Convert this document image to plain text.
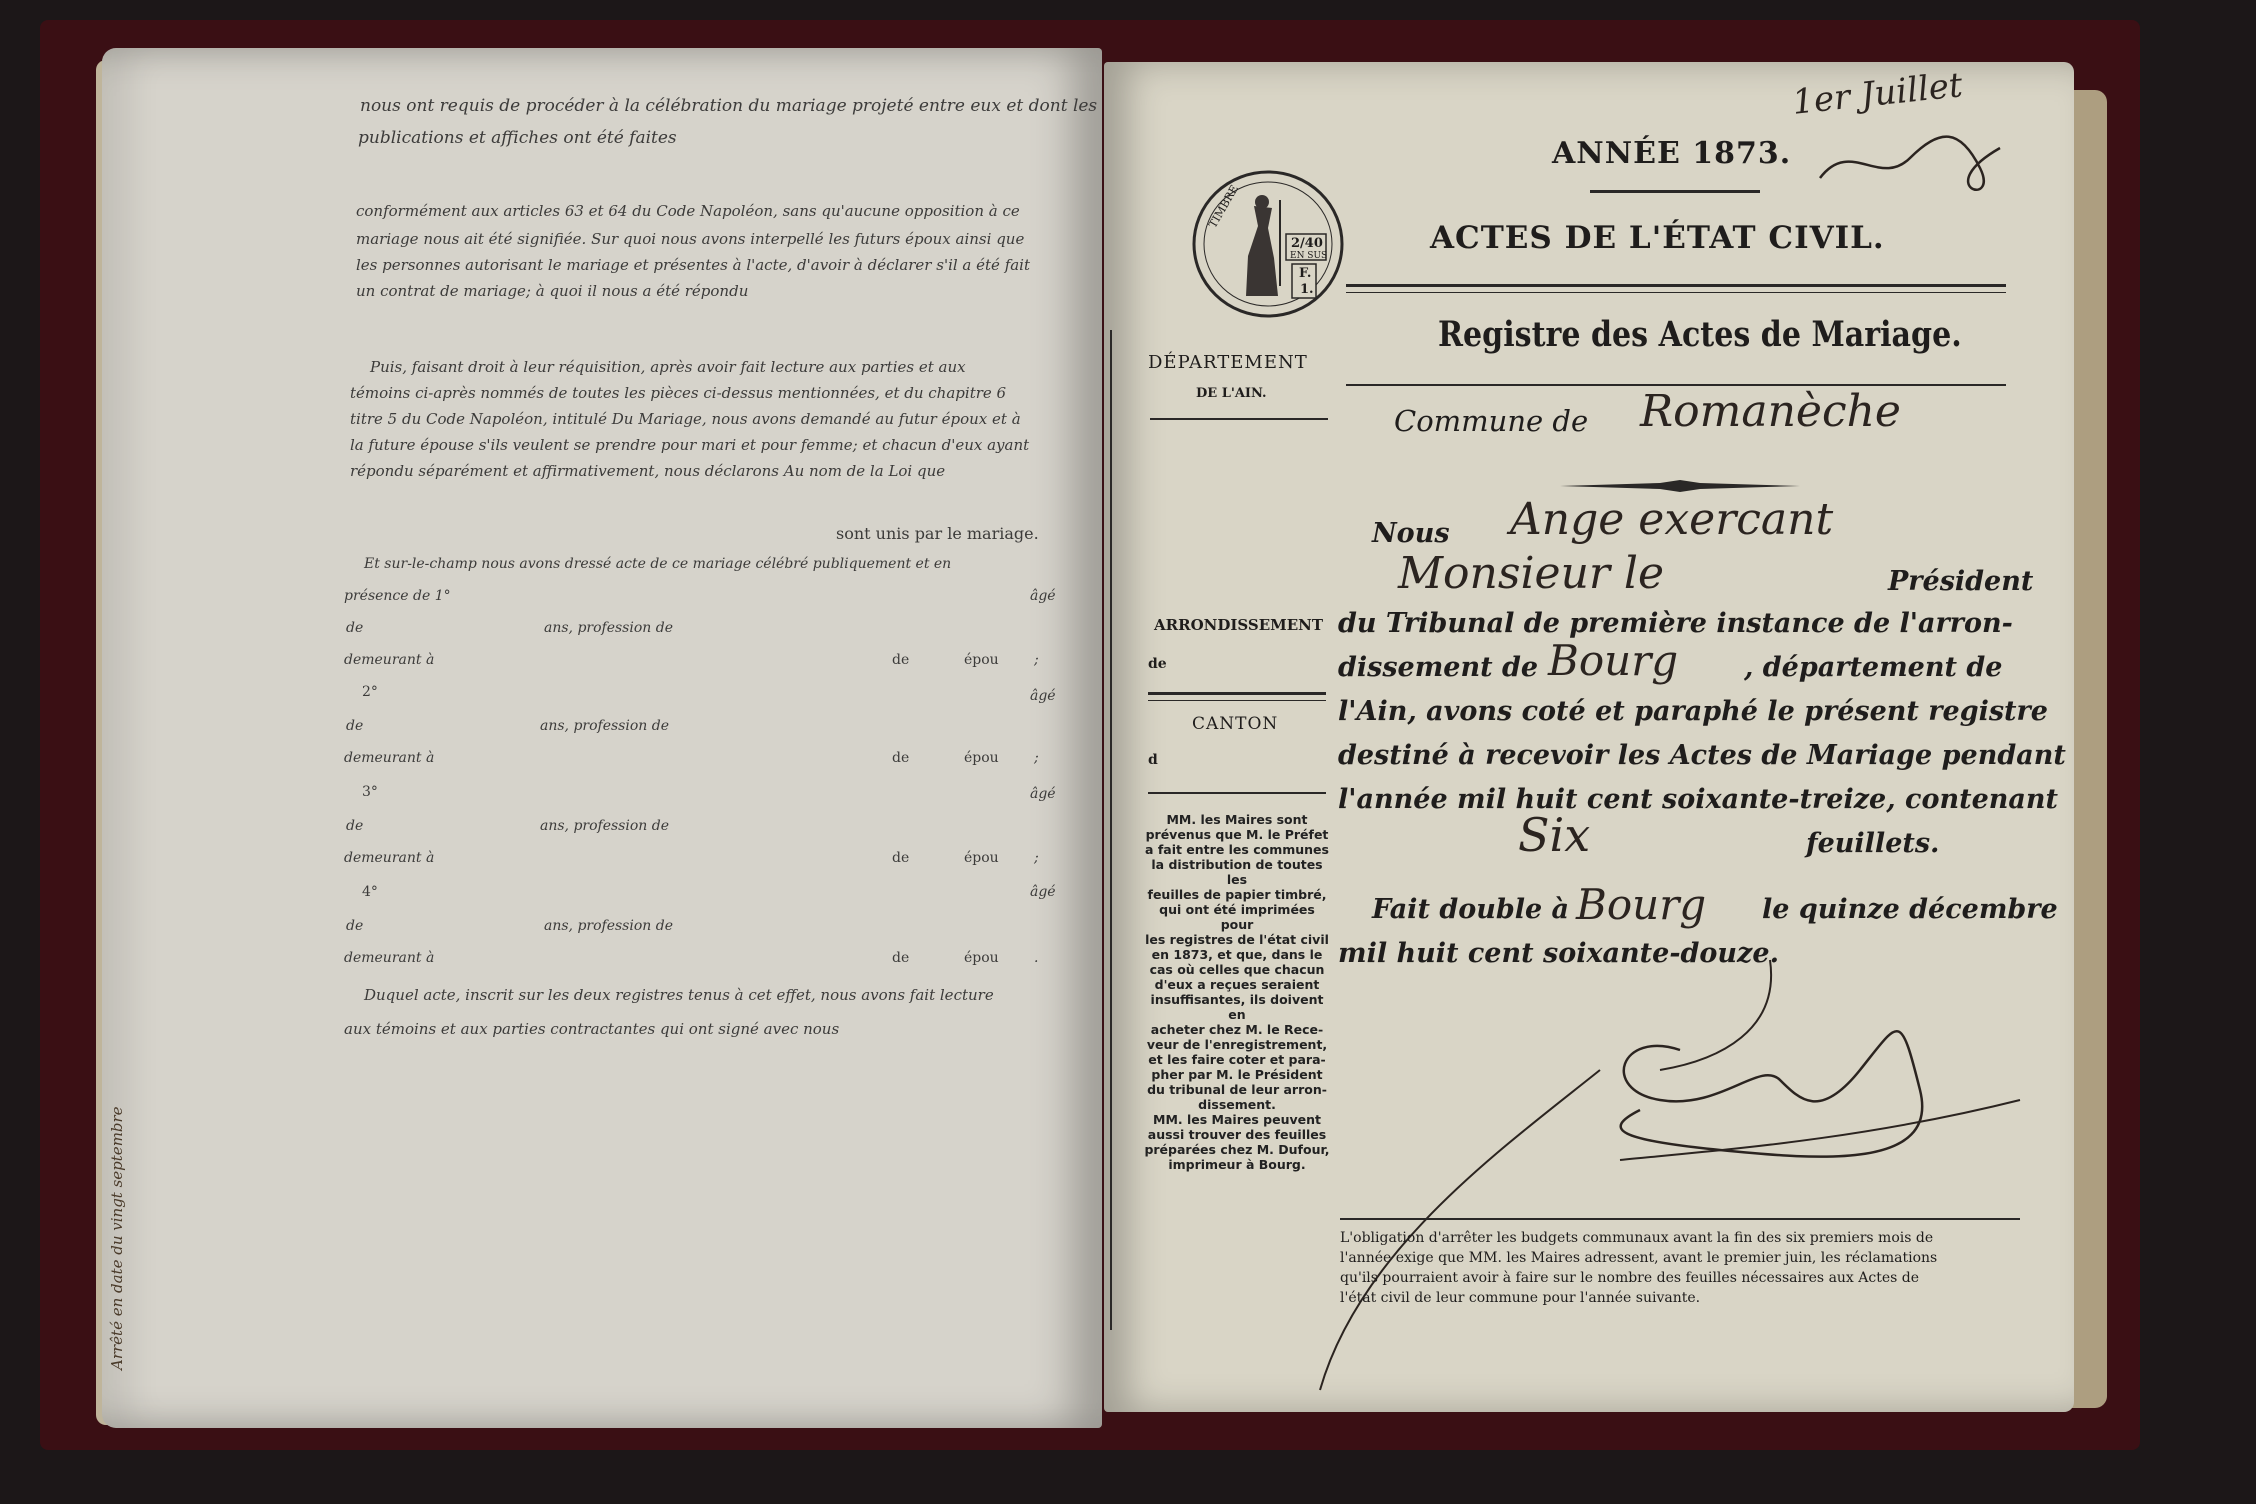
nous ont requis de procéder à la célébration du mariage projeté entre eux et dont les
publications et affiches ont été faites
conformément aux articles 63 et 64 du Code Napoléon, sans qu'aucune opposition à ce
mariage nous ait été signifiée. Sur quoi nous avons interpellé les futurs époux ainsi que
les personnes autorisant le mariage et présentes à l'acte, d'avoir à déclarer s'il a été fait
un contrat de mariage; à quoi il nous a été répondu
Puis, faisant droit à leur réquisition, après avoir fait lecture aux parties et aux
témoins ci-après nommés de toutes les pièces ci-dessus mentionnées, et du chapitre 6
titre 5 du Code Napoléon, intitulé Du Mariage, nous avons demandé au futur époux et à
la future épouse s'ils veulent se prendre pour mari et pour femme; et chacun d'eux ayant
répondu séparément et affirmativement, nous déclarons Au nom de la Loi que
sont unis par le mariage.
Et sur-le-champ nous avons dressé acte de ce mariage célébré publiquement et en
présence de 1°	âgé
de	ans, profession de
demeurant à	de	épou	;
2°	âgé
de	ans, profession de
demeurant à	de	épou	;
3°	âgé
de	ans, profession de
demeurant à	de	épou	;
4°	âgé
de	ans, profession de
demeurant à	de	épou	.
Duquel acte, inscrit sur les deux registres tenus à cet effet, nous avons fait lecture
aux témoins et aux parties contractantes qui ont signé avec nous
Arrêté en date du vingt septembre
1er Juillet
ANNÉE 1873.
ACTES DE L'ÉTAT CIVIL.
Registre des Actes de Mariage.
TIMBRE
2/40
EN SUS
F.
1.
DÉPARTEMENT
DE L'AIN.
ARRONDISSEMENT
de
CANTON
d
MM. les Maires sont
prévenus que M. le Préfet
a fait entre les communes
la distribution de toutes les
feuilles de papier timbré,
qui ont été imprimées pour
les registres de l'état civil
en 1873, et que, dans le
cas où celles que chacun
d'eux a reçues seraient
insuffisantes, ils doivent en
acheter chez M. le Rece-
veur de l'enregistrement,
et les faire coter et para-
pher par M. le Président
du tribunal de leur arron-
dissement.
MM. les Maires peuvent
aussi trouver des feuilles
préparées chez M. Dufour,
imprimeur à Bourg.
Commune de Romanèche
Nous Ange exercant
Monsieur le	Président
du Tribunal de première instance de l'arron-
dissement de Bourg , département de
l'Ain, avons coté et paraphé le présent registre
destiné à recevoir les Actes de Mariage pendant
l'année mil huit cent soixante-treize, contenant
Six	feuillets.
Fait double à Bourg le quinze décembre
mil huit cent soixante-douze.
L'obligation d'arrêter les budgets communaux avant la fin des six premiers mois de
l'année exige que MM. les Maires adressent, avant le premier juin, les réclamations
qu'ils pourraient avoir à faire sur le nombre des feuilles nécessaires aux Actes de
l'état civil de leur commune pour l'année suivante.
